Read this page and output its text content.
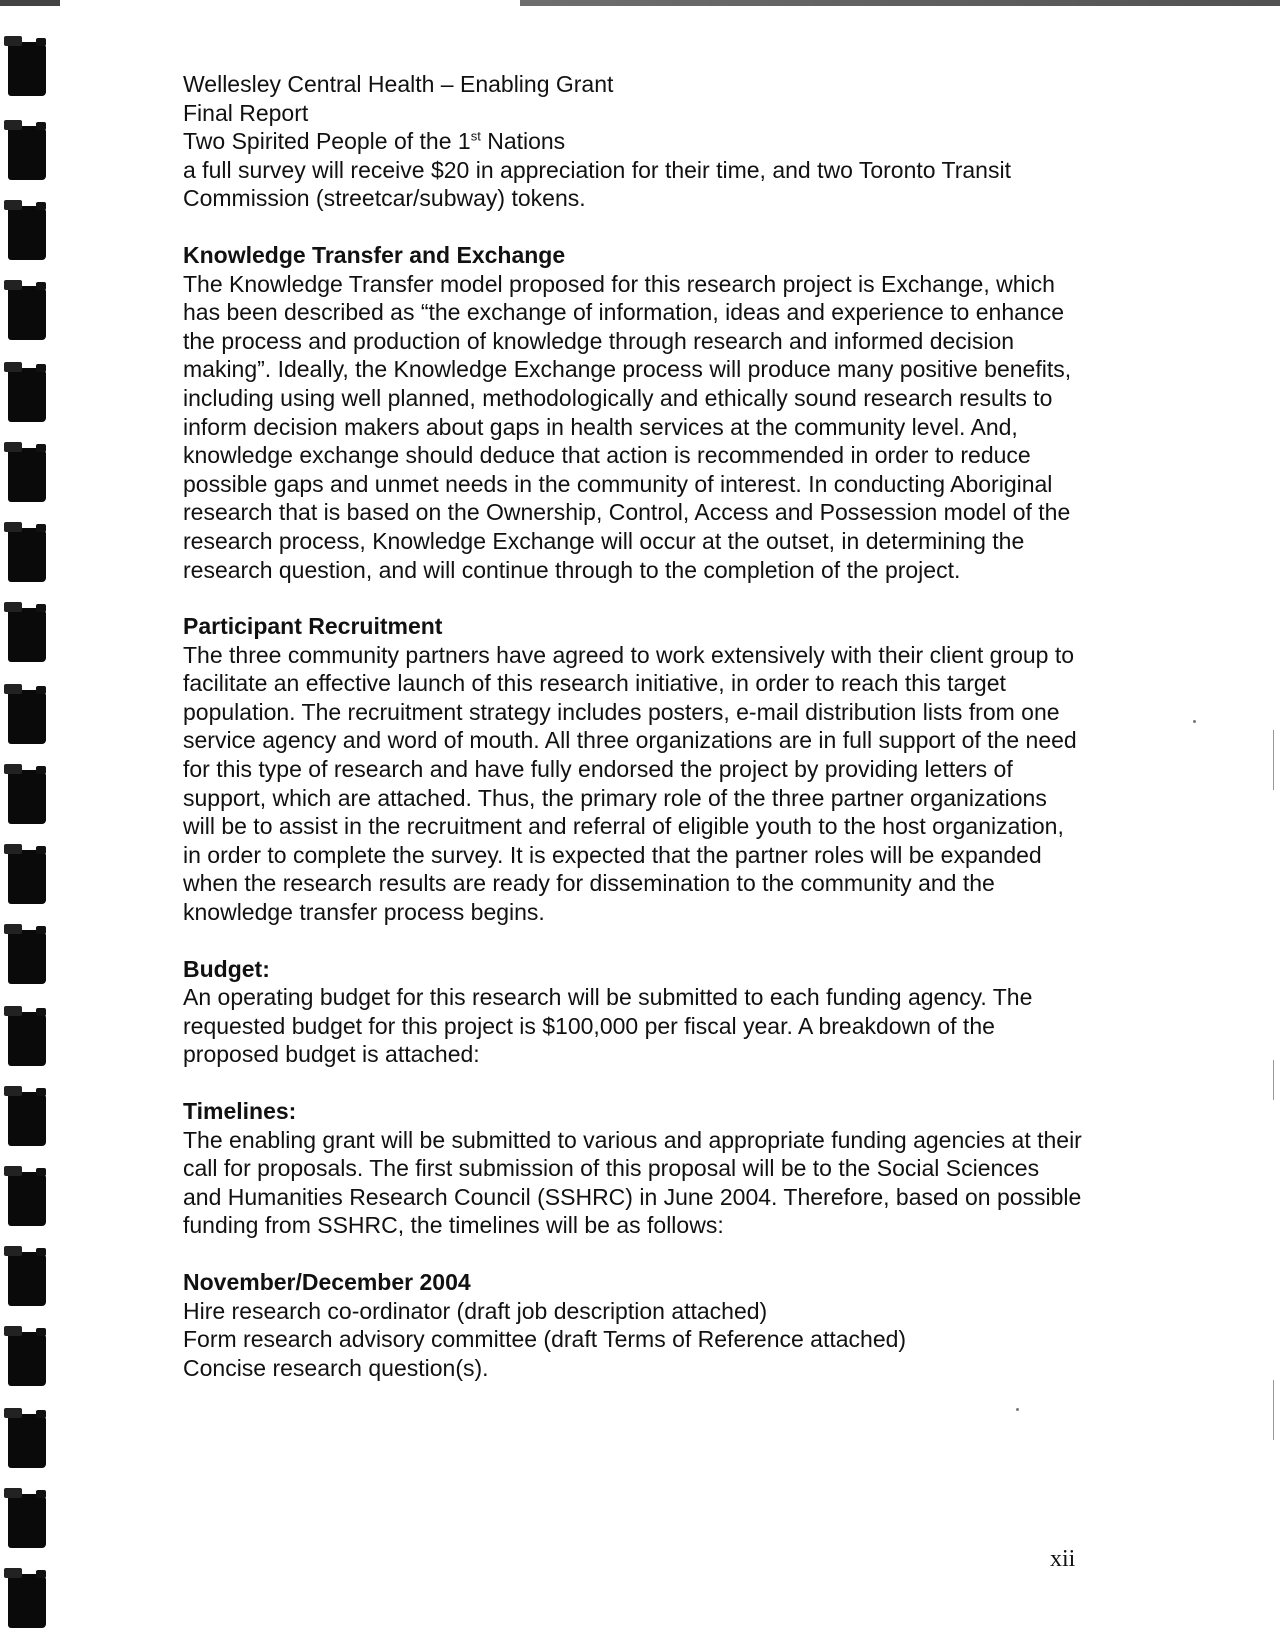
Wellesley Central Health – Enabling Grant
Final Report
Two Spirited People of the 1st Nations

a full survey will receive $20 in appreciation for their time, and two Toronto Transit Commission (streetcar/subway) tokens.

Knowledge Transfer and Exchange

The Knowledge Transfer model proposed for this research project is Exchange, which has been described as “the exchange of information, ideas and experience to enhance the process and production of knowledge through research and informed decision making”. Ideally, the Knowledge Exchange process will produce many positive benefits, including using well planned, methodologically and ethically sound research results to inform decision makers about gaps in health services at the community level. And, knowledge exchange should deduce that action is recommended in order to reduce possible gaps and unmet needs in the community of interest. In conducting Aboriginal research that is based on the Ownership, Control, Access and Possession model of the research process, Knowledge Exchange will occur at the outset, in determining the research question, and will continue through to the completion of the project.

Participant Recruitment

The three community partners have agreed to work extensively with their client group to facilitate an effective launch of this research initiative, in order to reach this target population. The recruitment strategy includes posters, e-mail distribution lists from one service agency and word of mouth. All three organizations are in full support of the need for this type of research and have fully endorsed the project by providing letters of support, which are attached. Thus, the primary role of the three partner organizations will be to assist in the recruitment and referral of eligible youth to the host organization, in order to complete the survey. It is expected that the partner roles will be expanded when the research results are ready for dissemination to the community and the knowledge transfer process begins.

Budget:

An operating budget for this research will be submitted to each funding agency. The requested budget for this project is $100,000 per fiscal year. A breakdown of the proposed budget is attached:

Timelines:

The enabling grant will be submitted to various and appropriate funding agencies at their call for proposals. The first submission of this proposal will be to the Social Sciences and Humanities Research Council (SSHRC) in June 2004. Therefore, based on possible funding from SSHRC, the timelines will be as follows:

November/December 2004

Hire research co-ordinator (draft job description attached)
Form research advisory committee (draft Terms of Reference attached)
Concise research question(s).
xii
